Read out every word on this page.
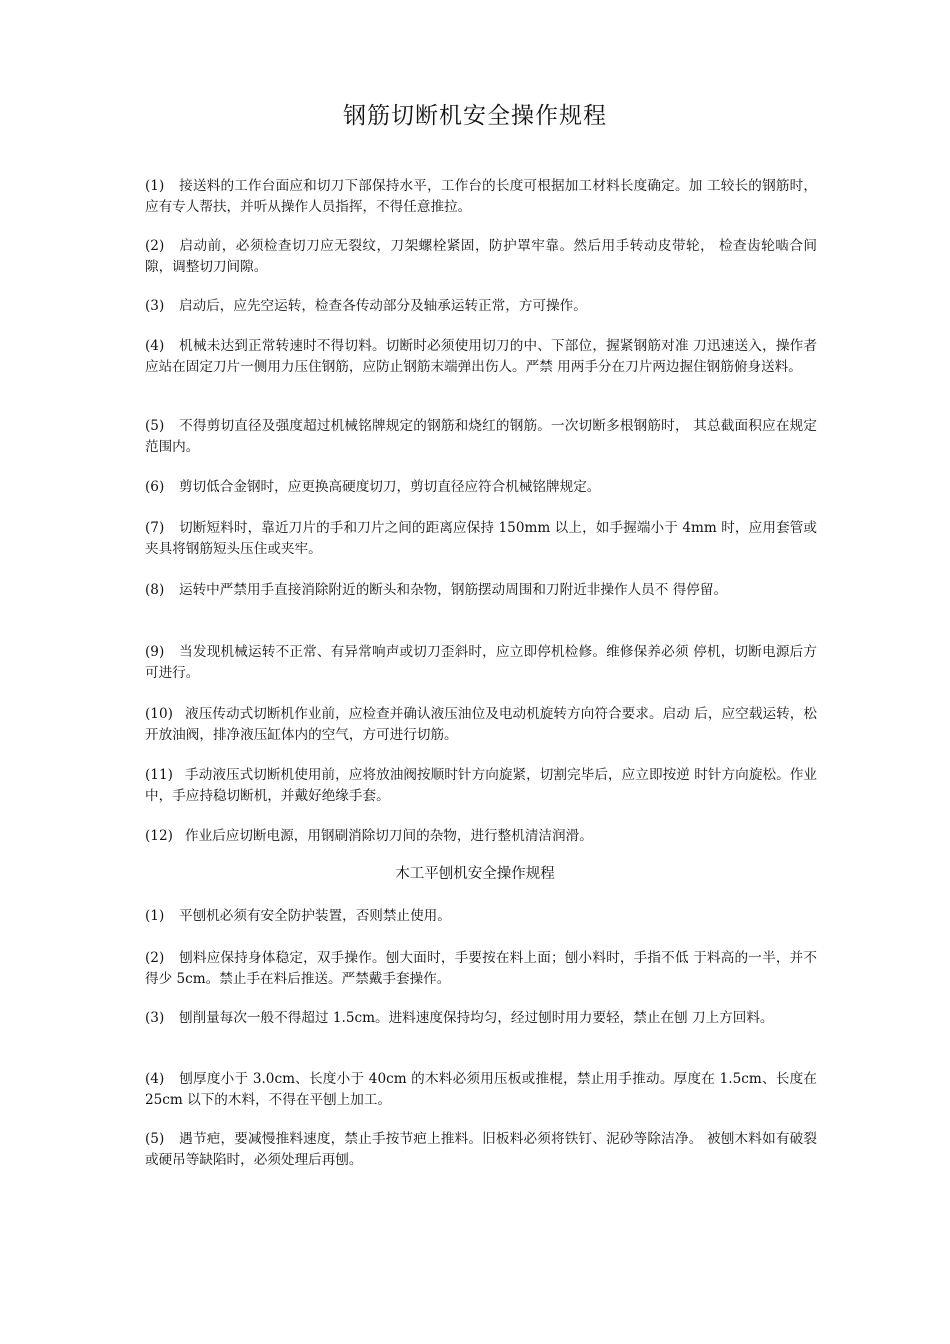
钢筋切断机安全操作规程

(1) 接送料的工作台面应和切刀下部保持水平，工作台的长度可根据加工材料长度确定。加 工较长的钢筋时，应有专人帮扶，并听从操作人员指挥，不得任意推拉。

(2) 启动前，必须检查切刀应无裂纹，刀架螺栓紧固，防护罩牢靠。然后用手转动皮带轮， 检查齿轮啮合间隙，调整切刀间隙。

(3) 启动后，应先空运转，检查各传动部分及轴承运转正常，方可操作。

(4) 机械未达到正常转速时不得切料。切断时必须使用切刀的中、下部位，握紧钢筋对准 刀迅速送入，操作者应站在固定刀片一侧用力压住钢筋，应防止钢筋末端弹出伤人。严禁 用两手分在刀片两边握住钢筋俯身送料。

(5) 不得剪切直径及强度超过机械铭牌规定的钢筋和烧红的钢筋。一次切断多根钢筋时， 其总截面积应在规定范围内。

(6) 剪切低合金钢时，应更换高硬度切刀，剪切直径应符合机械铭牌规定。

(7) 切断短料时，靠近刀片的手和刀片之间的距离应保持 150mm 以上，如手握端小于 4mm 时，应用套管或夹具将钢筋短头压住或夹牢。

(8) 运转中严禁用手直接消除附近的断头和杂物，钢筋摆动周围和刀附近非操作人员不 得停留。

(9) 当发现机械运转不正常、有异常响声或切刀歪斜时，应立即停机检修。维修保养必须 停机，切断电源后方可进行。

(10) 液压传动式切断机作业前，应检查并确认液压油位及电动机旋转方向符合要求。启动 后，应空载运转，松开放油阀，排净液压缸体内的空气，方可进行切筋。

(11) 手动液压式切断机使用前，应将放油阀按顺时针方向旋紧，切割完毕后，应立即按逆 时针方向旋松。作业中，手应持稳切断机，并戴好绝缘手套。

(12) 作业后应切断电源，用钢刷消除切刀间的杂物，进行整机清洁润滑。

木工平刨机安全操作规程

(1) 平刨机必须有安全防护装置，否则禁止使用。

(2) 刨料应保持身体稳定，双手操作。刨大面时，手要按在料上面；刨小料时，手指不低 于料高的一半，并不得少 5cm。禁止手在料后推送。严禁戴手套操作。

(3) 刨削量每次一般不得超过 1.5cm。进料速度保持均匀，经过刨时用力要轻，禁止在刨 刀上方回料。

(4) 刨厚度小于 3.0cm、长度小于 40cm 的木料必须用压板或推棍，禁止用手推动。厚度在 1.5cm、长度在 25cm 以下的木料，不得在平刨上加工。

(5) 遇节疤，要减慢推料速度，禁止手按节疤上推料。旧板料必须将铁钉、泥砂等除洁净。 被刨木料如有破裂或硬吊等缺陷时，必须处理后再刨。
